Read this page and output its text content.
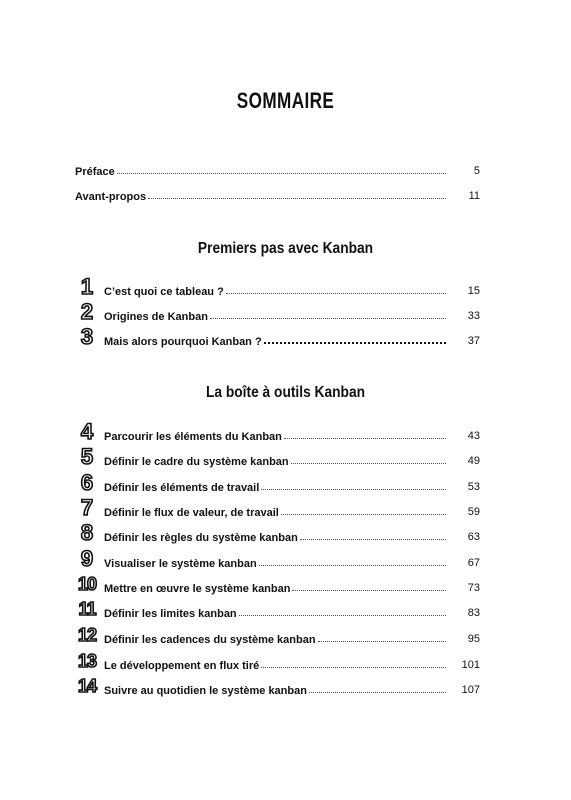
SOMMAIRE
Préface	5
Avant-propos	11
Premiers pas avec Kanban
1 C’est quoi ce tableau ?	15
2 Origines de Kanban	33
3 Mais alors pourquoi Kanban ?	37
La boîte à outils Kanban
4 Parcourir les éléments du Kanban	43
5 Définir le cadre du système kanban	49
6 Définir les éléments de travail	53
7 Définir le flux de valeur, de travail	59
8 Définir les règles du système kanban	63
9 Visualiser le système kanban	67
10 Mettre en œuvre le système kanban	73
11 Définir les limites kanban	83
12 Définir les cadences du système kanban	95
13 Le développement en flux tiré	101
14 Suivre au quotidien le système kanban	107
